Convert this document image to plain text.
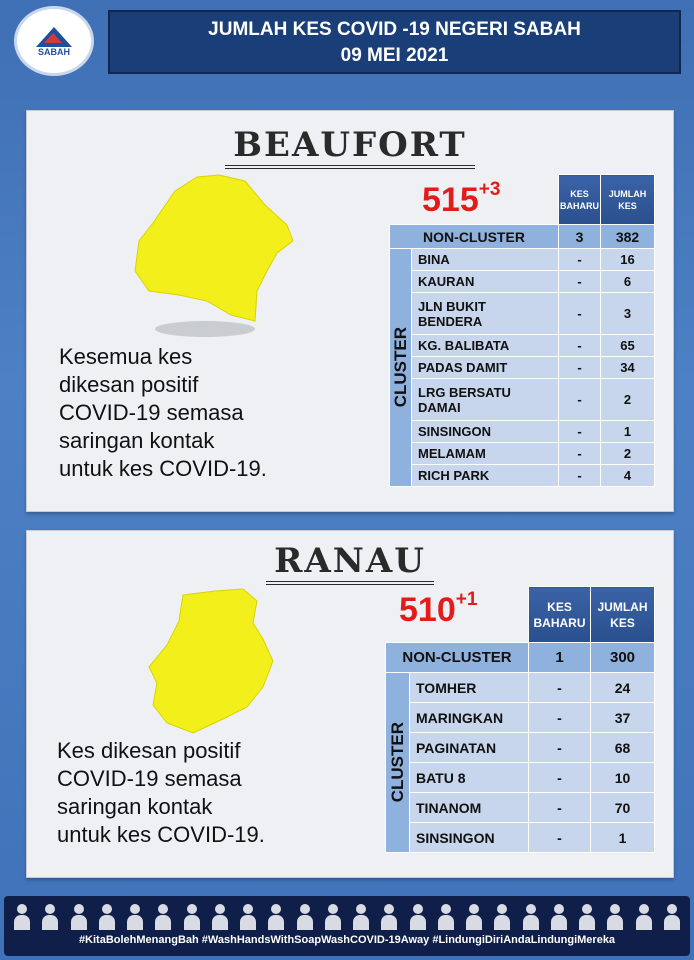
SABAH
JUMLAH KES COVID -19 NEGERI SABAH
09 MEI 2021
BEAUFORT
$515^{+3}$
Kesemua kes
dikesan positif
COVID-19 semasa
saringan kontak
untuk kes COVID-19.
		KES
BAHARU	JUMLAH
KES
NON-CLUSTER		3	382

CLUSTER	BINA	-	16
	KAURAN	-	6
	JLN BUKIT
BENDERA	-	3
	KG. BALIBATA	-	65
	PADAS DAMIT	-	34
	LRG BERSATU
DAMAI	-	2
	SINSINGON	-	1
	MELAMAM	-	2
	RICH PARK	-	4
RANAU
$510^{+1}$
Kes dikesan positif
COVID-19 semasa
saringan kontak
untuk kes COVID-19.
		KES
BAHARU	JUMLAH
KES
NON-CLUSTER		1	300

CLUSTER	TOMHER	-	24
	MARINGKAN	-	37
	PAGINATAN	-	68
	BATU 8	-	10
	TINANOM	-	70
	SINSINGON	-	1
#KitaBolehMenangBah #WashHandsWithSoapWashCOVID-19Away #LindungiDiriAndaLindungiMereka
